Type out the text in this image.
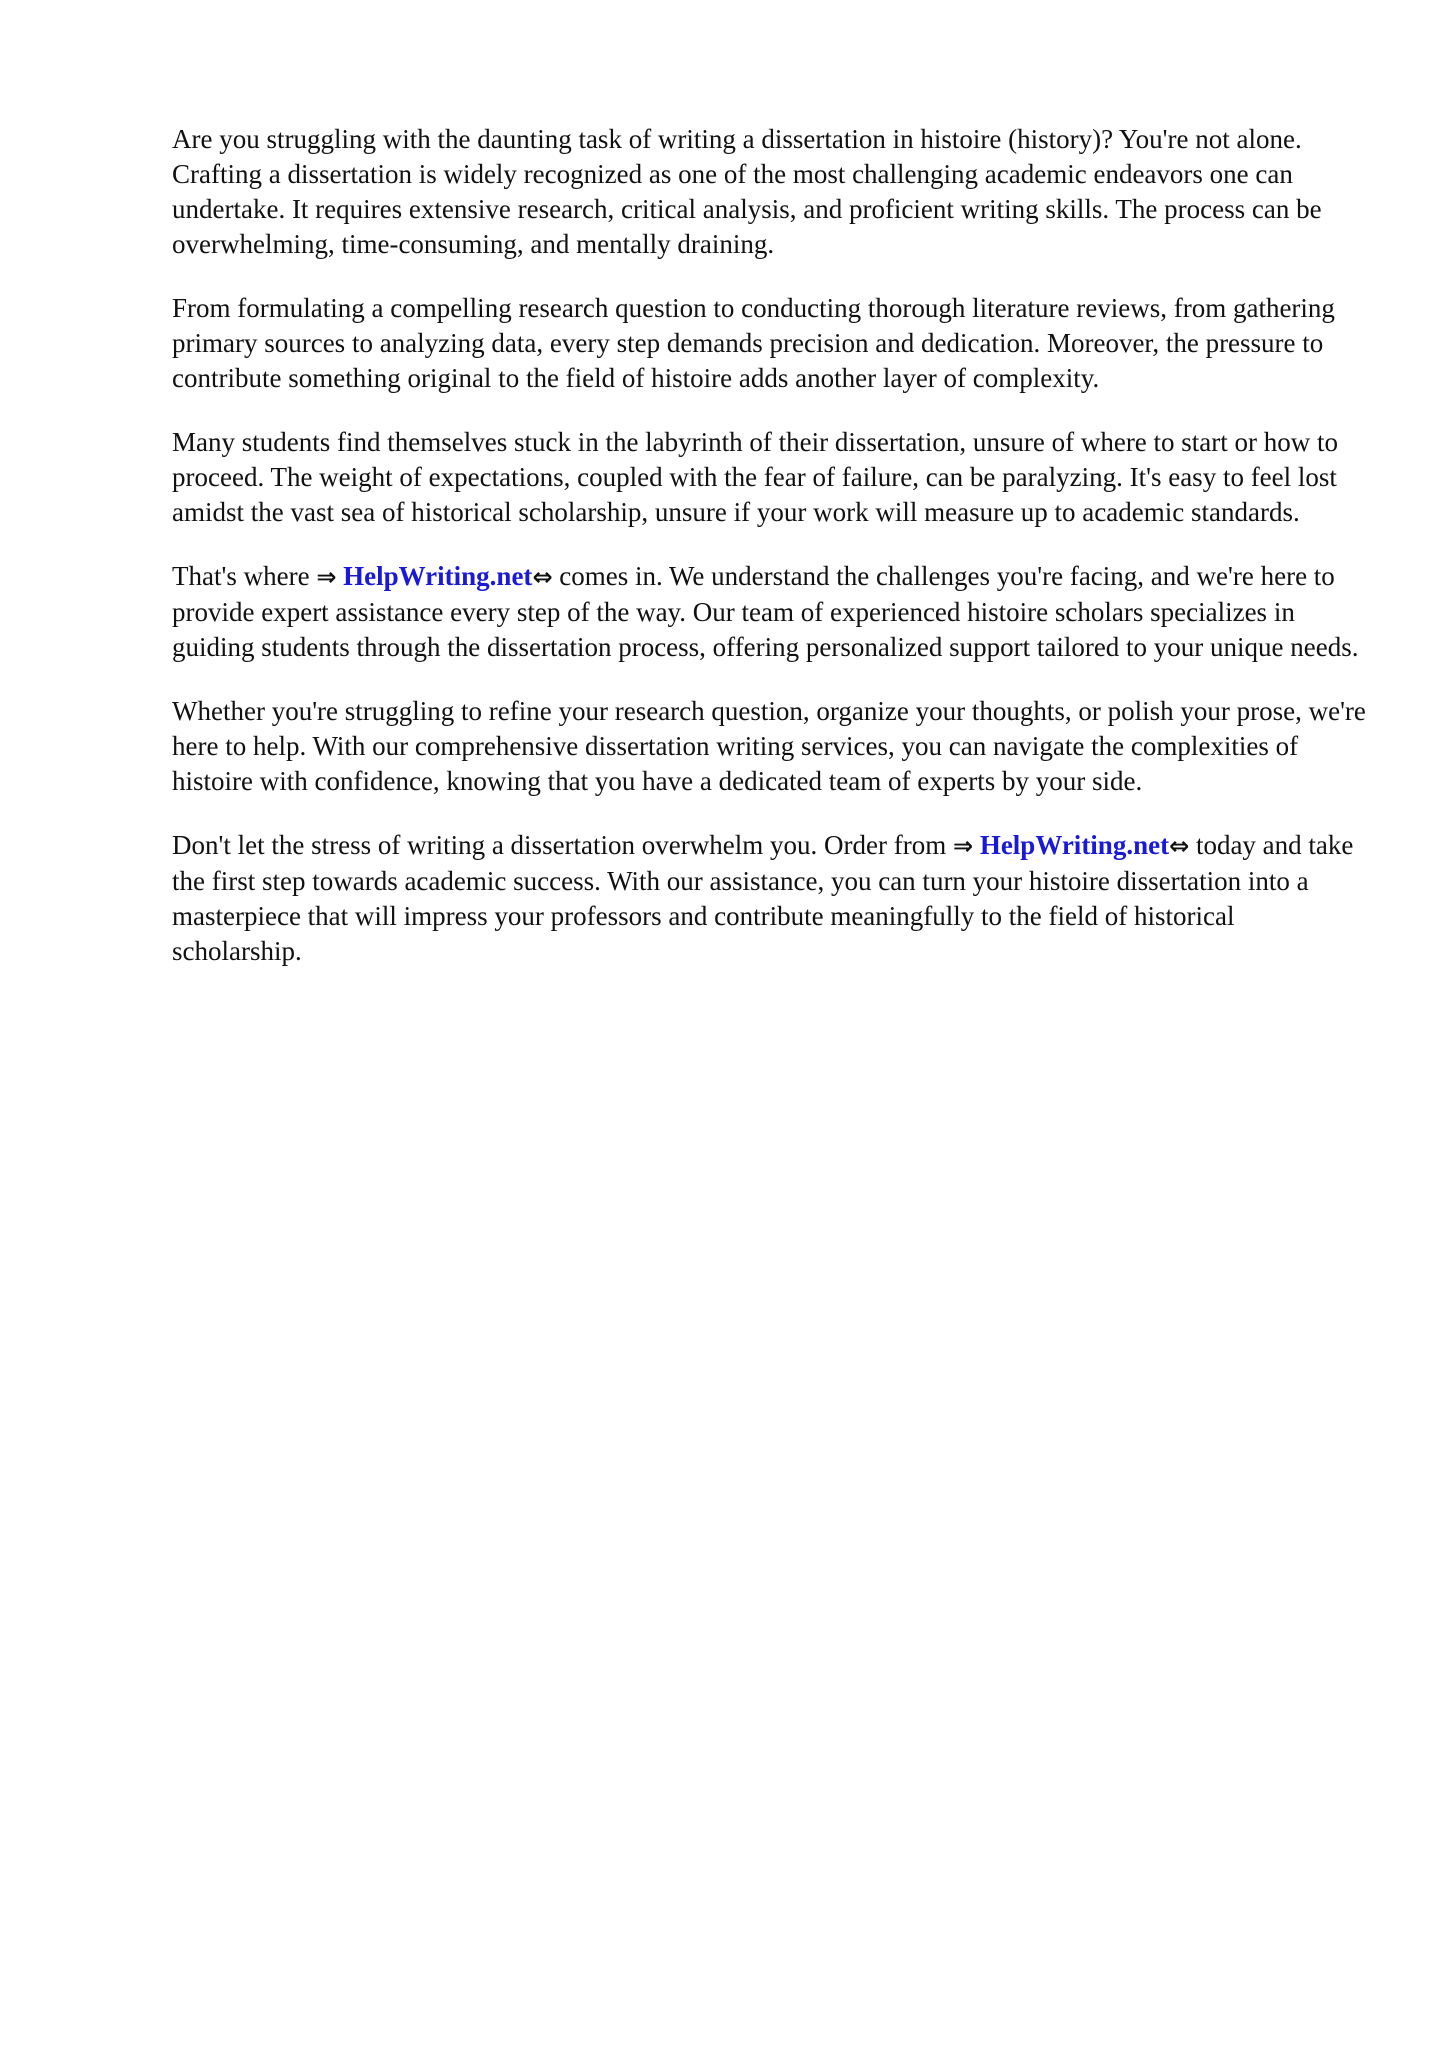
Are you struggling with the daunting task of writing a dissertation in histoire (history)? You're not alone. Crafting a dissertation is widely recognized as one of the most challenging academic endeavors one can undertake. It requires extensive research, critical analysis, and proficient writing skills. The process can be overwhelming, time-consuming, and mentally draining.

From formulating a compelling research question to conducting thorough literature reviews, from gathering primary sources to analyzing data, every step demands precision and dedication. Moreover, the pressure to contribute something original to the field of histoire adds another layer of complexity.

Many students find themselves stuck in the labyrinth of their dissertation, unsure of where to start or how to proceed. The weight of expectations, coupled with the fear of failure, can be paralyzing. It's easy to feel lost amidst the vast sea of historical scholarship, unsure if your work will measure up to academic standards.

That's where ⇒ HelpWriting.net⇔ comes in. We understand the challenges you're facing, and we're here to provide expert assistance every step of the way. Our team of experienced histoire scholars specializes in guiding students through the dissertation process, offering personalized support tailored to your unique needs.

Whether you're struggling to refine your research question, organize your thoughts, or polish your prose, we're here to help. With our comprehensive dissertation writing services, you can navigate the complexities of histoire with confidence, knowing that you have a dedicated team of experts by your side.

Don't let the stress of writing a dissertation overwhelm you. Order from ⇒ HelpWriting.net⇔ today and take the first step towards academic success. With our assistance, you can turn your histoire dissertation into a masterpiece that will impress your professors and contribute meaningfully to the field of historical scholarship.
